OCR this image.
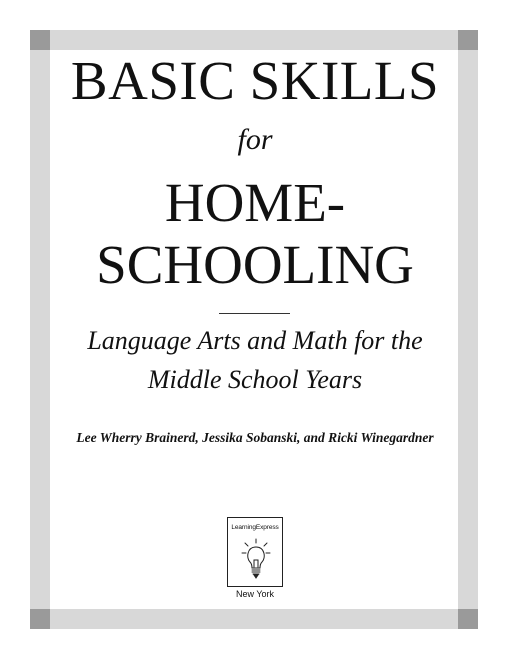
BASIC SKILLS
for
HOME-
SCHOOLING
Language Arts and Math for the
Middle School Years
Lee Wherry Brainerd, Jessika Sobanski, and Ricki Winegardner
LearningExpress
New York
